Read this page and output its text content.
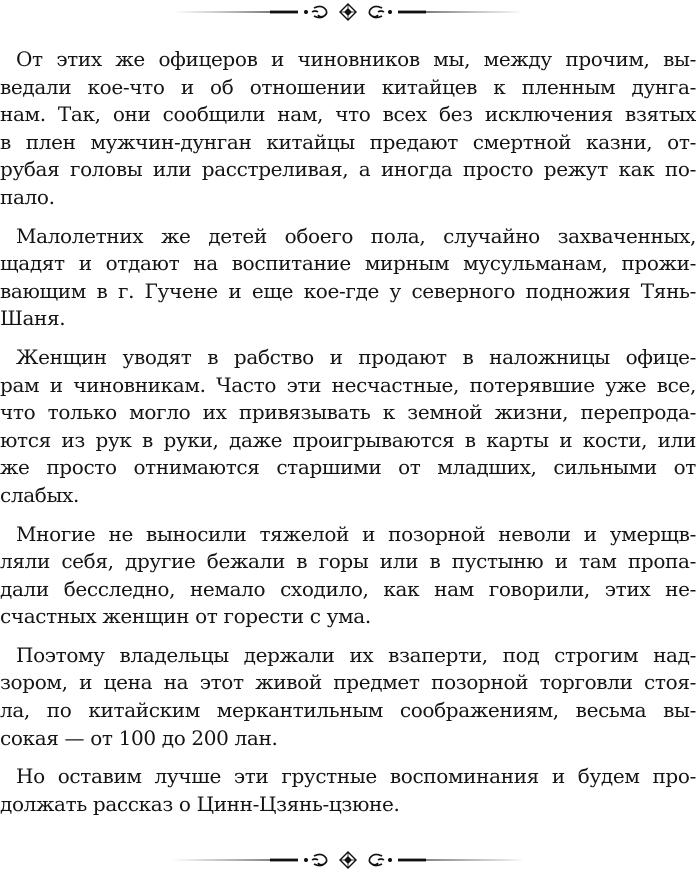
От этих же офицеров и чиновников мы, между прочим, вы-
ведали кое-что и об отношении китайцев к пленным дунга-
нам. Так, они сообщили нам, что всех без исключения взятых
в плен мужчин-дунган китайцы предают смертной казни, от-
рубая головы или расстреливая, а иногда просто режут как по-
пало.

Малолетних же детей обоего пола, случайно захваченных,
щадят и отдают на воспитание мирным мусульманам, прожи-
вающим в г. Гучене и еще кое-где у северного подножия Тянь-
Шаня.

Женщин уводят в рабство и продают в наложницы офице-
рам и чиновникам. Часто эти несчастные, потерявшие уже все,
что только могло их привязывать к земной жизни, перепрода-
ются из рук в руки, даже проигрываются в карты и кости, или
же просто отнимаются старшими от младших, сильными от
слабых.

Многие не выносили тяжелой и позорной неволи и умерщв-
ляли себя, другие бежали в горы или в пустыню и там пропа-
дали бесследно, немало сходило, как нам говорили, этих не-
счастных женщин от горести с ума.

Поэтому владельцы держали их взаперти, под строгим над-
зором, и цена на этот живой предмет позорной торговли стоя-
ла, по китайским меркантильным соображениям, весьма вы-
сокая — от 100 до 200 лан.

Но оставим лучше эти грустные воспоминания и будем про-
должать рассказ о Цинн-Цзянь-цзюне.
